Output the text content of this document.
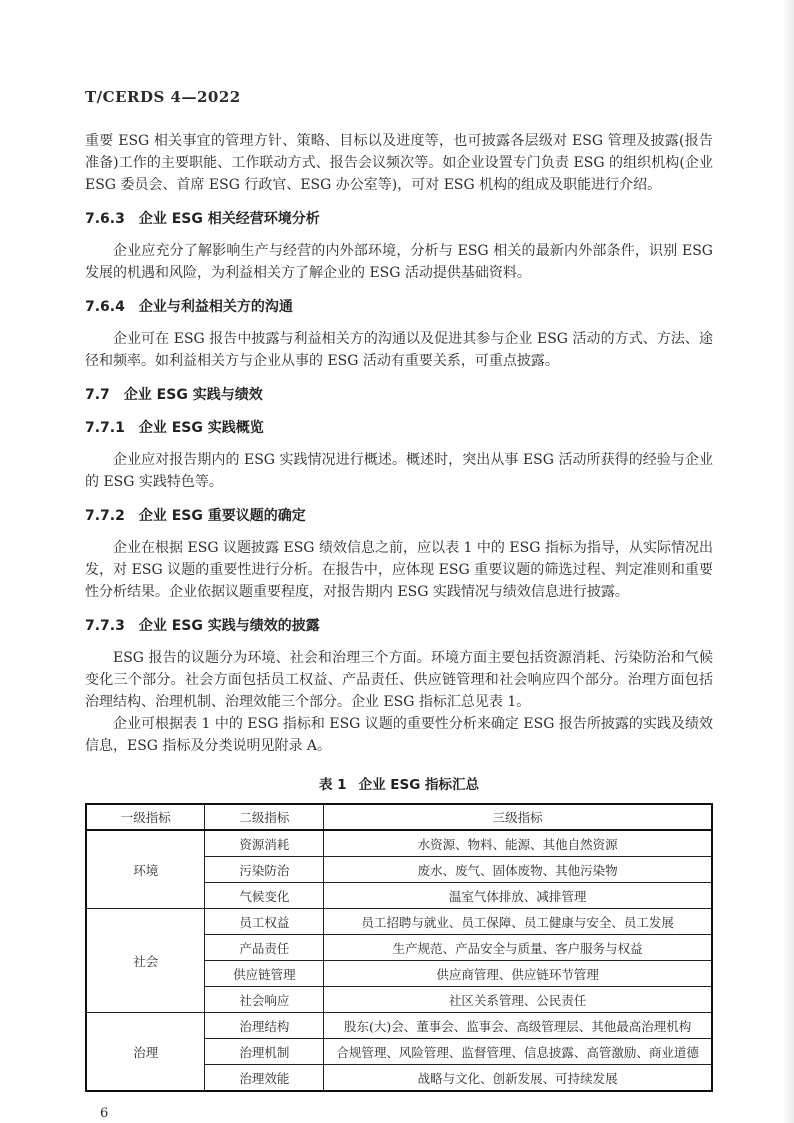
T/CERDS 4—2022

重要 ESG 相关事宜的管理方针、策略、目标以及进度等，也可披露各层级对 ESG 管理及披露(报告准备)工作的主要职能、工作联动方式、报告会议频次等。如企业设置专门负责 ESG 的组织机构(企业 ESG 委员会、首席 ESG 行政官、ESG 办公室等)，可对 ESG 机构的组成及职能进行介绍。

7.6.3 企业 ESG 相关经营环境分析

企业应充分了解影响生产与经营的内外部环境，分析与 ESG 相关的最新内外部条件，识别 ESG 发展的机遇和风险，为利益相关方了解企业的 ESG 活动提供基础资料。

7.6.4 企业与利益相关方的沟通

企业可在 ESG 报告中披露与利益相关方的沟通以及促进其参与企业 ESG 活动的方式、方法、途径和频率。如利益相关方与企业从事的 ESG 活动有重要关系，可重点披露。

7.7 企业 ESG 实践与绩效
7.7.1 企业 ESG 实践概览

企业应对报告期内的 ESG 实践情况进行概述。概述时，突出从事 ESG 活动所获得的经验与企业的 ESG 实践特色等。

7.7.2 企业 ESG 重要议题的确定

企业在根据 ESG 议题披露 ESG 绩效信息之前，应以表 1 中的 ESG 指标为指导，从实际情况出发，对 ESG 议题的重要性进行分析。在报告中，应体现 ESG 重要议题的筛选过程、判定准则和重要性分析结果。企业依据议题重要程度，对报告期内 ESG 实践情况与绩效信息进行披露。

7.7.3 企业 ESG 实践与绩效的披露

ESG 报告的议题分为环境、社会和治理三个方面。环境方面主要包括资源消耗、污染防治和气候变化三个部分。社会方面包括员工权益、产品责任、供应链管理和社会响应四个部分。治理方面包括治理结构、治理机制、治理效能三个部分。企业 ESG 指标汇总见表 1。

企业可根据表 1 中的 ESG 指标和 ESG 议题的重要性分析来确定 ESG 报告所披露的实践及绩效信息，ESG 指标及分类说明见附录 A。

表 1 企业 ESG 指标汇总
一级指标	二级指标	三级指标
环境	资源消耗	水资源、物料、能源、其他自然资源
	污染防治	废水、废气、固体废物、其他污染物
	气候变化	温室气体排放、减排管理
社会	员工权益	员工招聘与就业、员工保障、员工健康与安全、员工发展
	产品责任	生产规范、产品安全与质量、客户服务与权益
	供应链管理	供应商管理、供应链环节管理
	社会响应	社区关系管理、公民责任
治理	治理结构	股东(大)会、董事会、监事会、高级管理层、其他最高治理机构
	治理机制	合规管理、风险管理、监督管理、信息披露、高管激励、商业道德
	治理效能	战略与文化、创新发展、可持续发展
6
